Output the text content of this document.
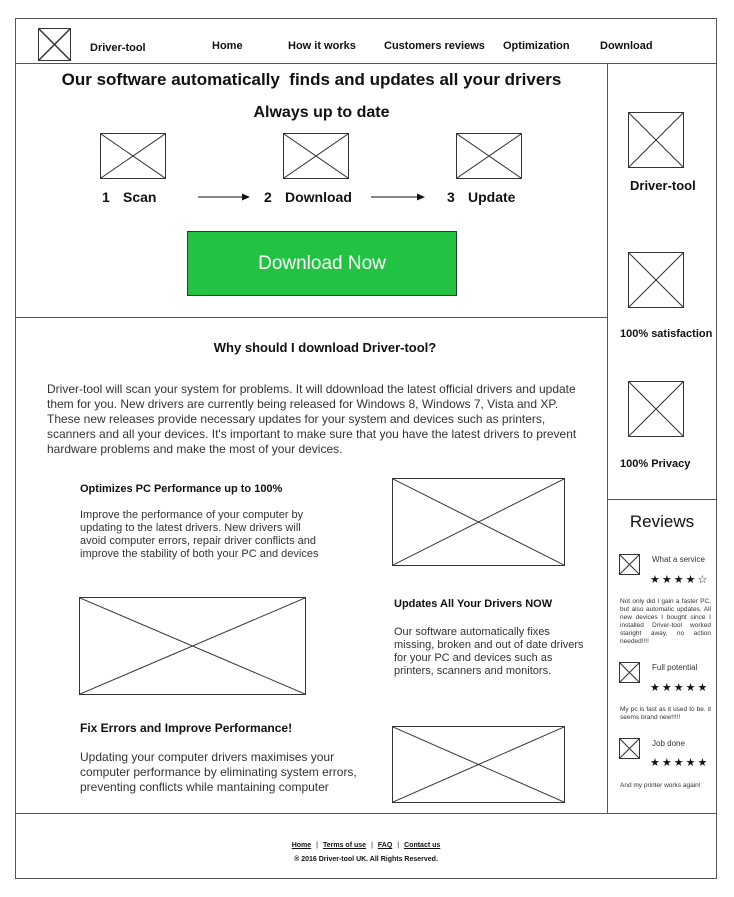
Driver-tool	Home	How it works	Customers reviews Optimization	Download
Our software automatically  finds and updates all your drivers
Always up to date
1 Scan	2 Download	3 Update
Download Now
Why should I download Driver-tool?
Driver-tool will scan your system for problems. It will ddownload the latest official drivers and update them for you. New drivers are currently being released for Windows 8, Windows 7, Vista and XP. These new releases provide necessary updates for your system and devices such as printers, scanners and all your devices. It's important to make sure that you have the latest drivers to prevent hardware problems and make the most of your devices.
Optimizes PC Performance up to 100%
Improve the performance of your computer by updating to the latest drivers. New drivers will avoid computer errors, repair driver conflicts and improve the stability of both your PC and devices
Updates All Your Drivers NOW
Our software automatically fixes missing, broken and out of date drivers for your PC and devices such as printers, scanners and monitors.
Fix Errors and Improve Performance!
Updating your computer drivers maximises your computer performance by eliminating system errors, preventing conflicts while mantaining computer
Driver-tool
100% satisfaction
100% Privacy
Reviews
What a service
★★★★☆
Not only did I gain a faster PC, but also automatic updates. All new devices I bought since I installed Driver-tool worked staright away, no action needed!!!!
Full potential
★★★★★
My pc is fast as it used to be. it seems brand new!!!!!
Job done
★★★★★
And my printer works again!
Home | Terms of use | FAQ | Contact us
® 2016 Driver-tool UK. All Rights Reserved.
